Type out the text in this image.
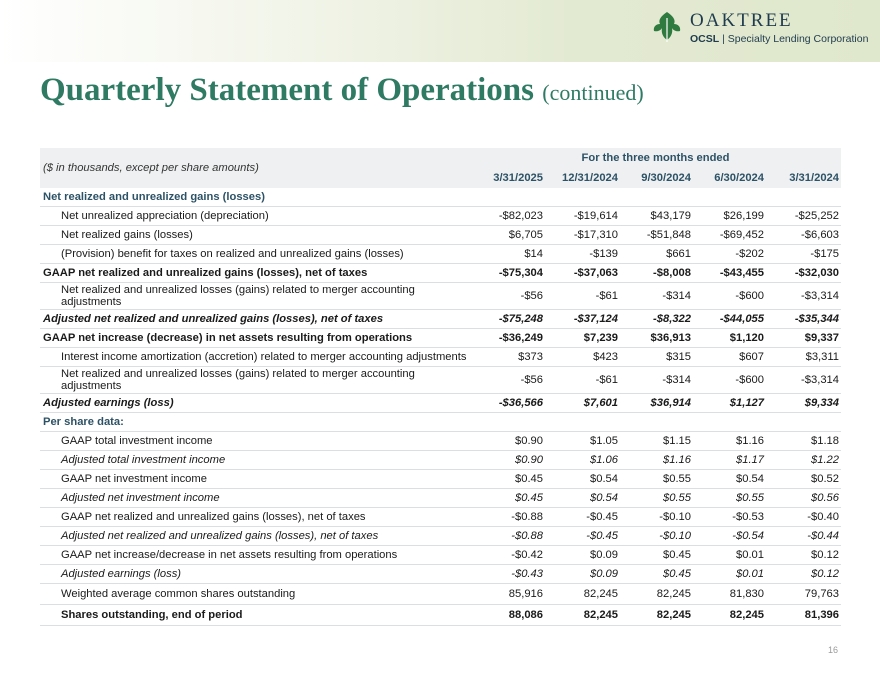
OAKTREE
OCSL | Specialty Lending Corporation
Quarterly Statement of Operations (continued)
($ in thousands, except per share amounts)	For the three months ended				
	3/31/2025	12/31/2024	9/30/2024	6/30/2024	3/31/2024
Net realized and unrealized gains (losses)					
Net unrealized appreciation (depreciation)	-$82,023	-$19,614	$43,179	$26,199	-$25,252
Net realized gains (losses)	$6,705	-$17,310	-$51,848	-$69,452	-$6,603
(Provision) benefit for taxes on realized and unrealized gains (losses)	$14	-$139	$661	-$202	-$175
GAAP net realized and unrealized gains (losses), net of taxes	-$75,304	-$37,063	-$8,008	-$43,455	-$32,030

Net realized and unrealized losses (gains) related to merger accounting adjustments	-$56	-$61	-$314	-$600	-$3,314
Adjusted net realized and unrealized gains (losses), net of taxes	-$75,248	-$37,124	-$8,322	-$44,055	-$35,344
GAAP net increase (decrease) in net assets resulting from operations	-$36,249	$7,239	$36,913	$1,120	$9,337
Interest income amortization (accretion) related to merger accounting adjustments	$373	$423	$315	$607	$3,311

Net realized and unrealized losses (gains) related to merger accounting adjustments	-$56	-$61	-$314	-$600	-$3,314
Adjusted earnings (loss)	-$36,566	$7,601	$36,914	$1,127	$9,334
Per share data:					
GAAP total investment income	$0.90	$1.05	$1.15	$1.16	$1.18
Adjusted total investment income	$0.90	$1.06	$1.16	$1.17	$1.22
GAAP net investment income	$0.45	$0.54	$0.55	$0.54	$0.52
Adjusted net investment income	$0.45	$0.54	$0.55	$0.55	$0.56
GAAP net realized and unrealized gains (losses), net of taxes	-$0.88	-$0.45	-$0.10	-$0.53	-$0.40
Adjusted net realized and unrealized gains (losses), net of taxes	-$0.88	-$0.45	-$0.10	-$0.54	-$0.44
GAAP net increase/decrease in net assets resulting from operations	-$0.42	$0.09	$0.45	$0.01	$0.12
Adjusted earnings (loss)	-$0.43	$0.09	$0.45	$0.01	$0.12
Weighted average common shares outstanding	85,916	82,245	82,245	81,830	79,763
Shares outstanding, end of period	88,086	82,245	82,245	82,245	81,396
16
